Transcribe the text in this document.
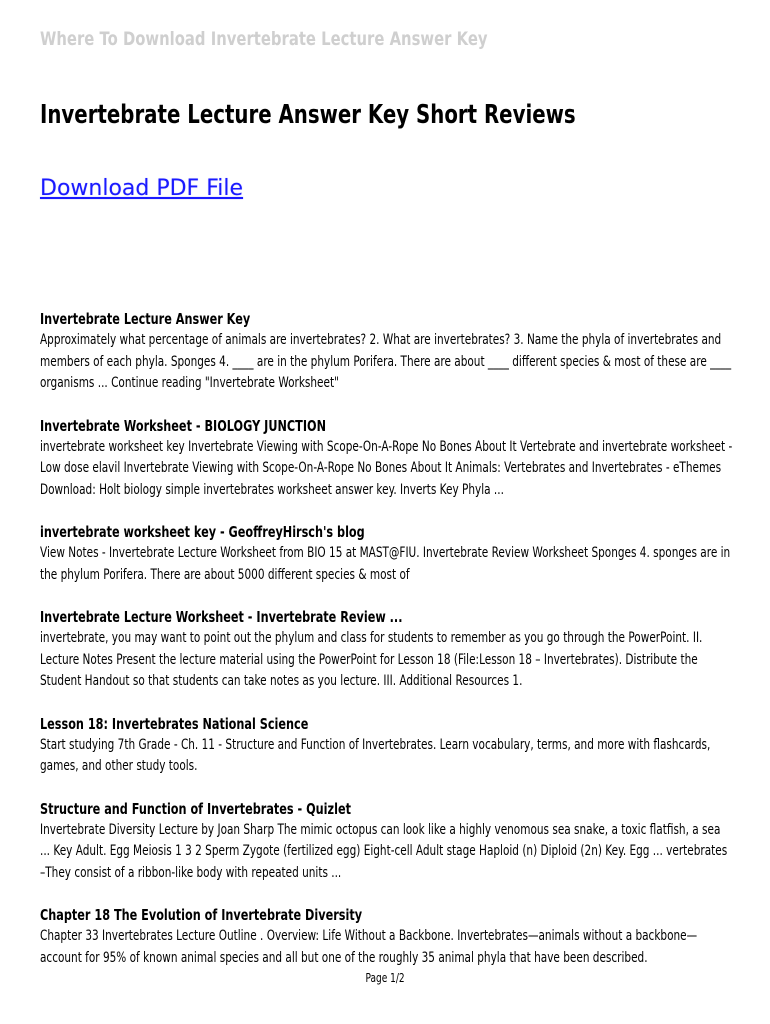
Where To Download Invertebrate Lecture Answer Key
Invertebrate Lecture Answer Key Short Reviews
Download PDF File
Invertebrate Lecture Answer Key
Approximately what percentage of animals are invertebrates? 2. What are invertebrates? 3. Name the phyla of invertebrates and members of each phyla. Sponges 4. ____ are in the phylum Porifera. There are about ____ different species & most of these are ____ organisms ... Continue reading "Invertebrate Worksheet"
Invertebrate Worksheet - BIOLOGY JUNCTION
invertebrate worksheet key Invertebrate Viewing with Scope-On-A-Rope No Bones About It Vertebrate and invertebrate worksheet - Low dose elavil Invertebrate Viewing with Scope-On-A-Rope No Bones About It Animals: Vertebrates and Invertebrates - eThemes Download: Holt biology simple invertebrates worksheet answer key. Inverts Key Phyla ...
invertebrate worksheet key - GeoffreyHirsch's blog
View Notes - Invertebrate Lecture Worksheet from BIO 15 at MAST@FIU. Invertebrate Review Worksheet Sponges 4. sponges are in the phylum Porifera. There are about 5000 different species & most of
Invertebrate Lecture Worksheet - Invertebrate Review ...
invertebrate, you may want to point out the phylum and class for students to remember as you go through the PowerPoint. II. Lecture Notes Present the lecture material using the PowerPoint for Lesson 18 (File:Lesson 18 – Invertebrates). Distribute the Student Handout so that students can take notes as you lecture. III. Additional Resources 1.
Lesson 18: Invertebrates National Science
Start studying 7th Grade - Ch. 11 - Structure and Function of Invertebrates. Learn vocabulary, terms, and more with flashcards, games, and other study tools.
Structure and Function of Invertebrates - Quizlet
Invertebrate Diversity Lecture by Joan Sharp The mimic octopus can look like a highly venomous sea snake, a toxic flatfish, a sea ... Key Adult. Egg Meiosis 1 3 2 Sperm Zygote (fertilized egg) Eight-cell Adult stage Haploid (n) Diploid (2n) Key. Egg ... vertebrates –They consist of a ribbon-like body with repeated units ...
Chapter 18 The Evolution of Invertebrate Diversity
Chapter 33 Invertebrates Lecture Outline . Overview: Life Without a Backbone. Invertebrates—animals without a backbone—account for 95% of known animal species and all but one of the roughly 35 animal phyla that have been described.
Page 1/2
